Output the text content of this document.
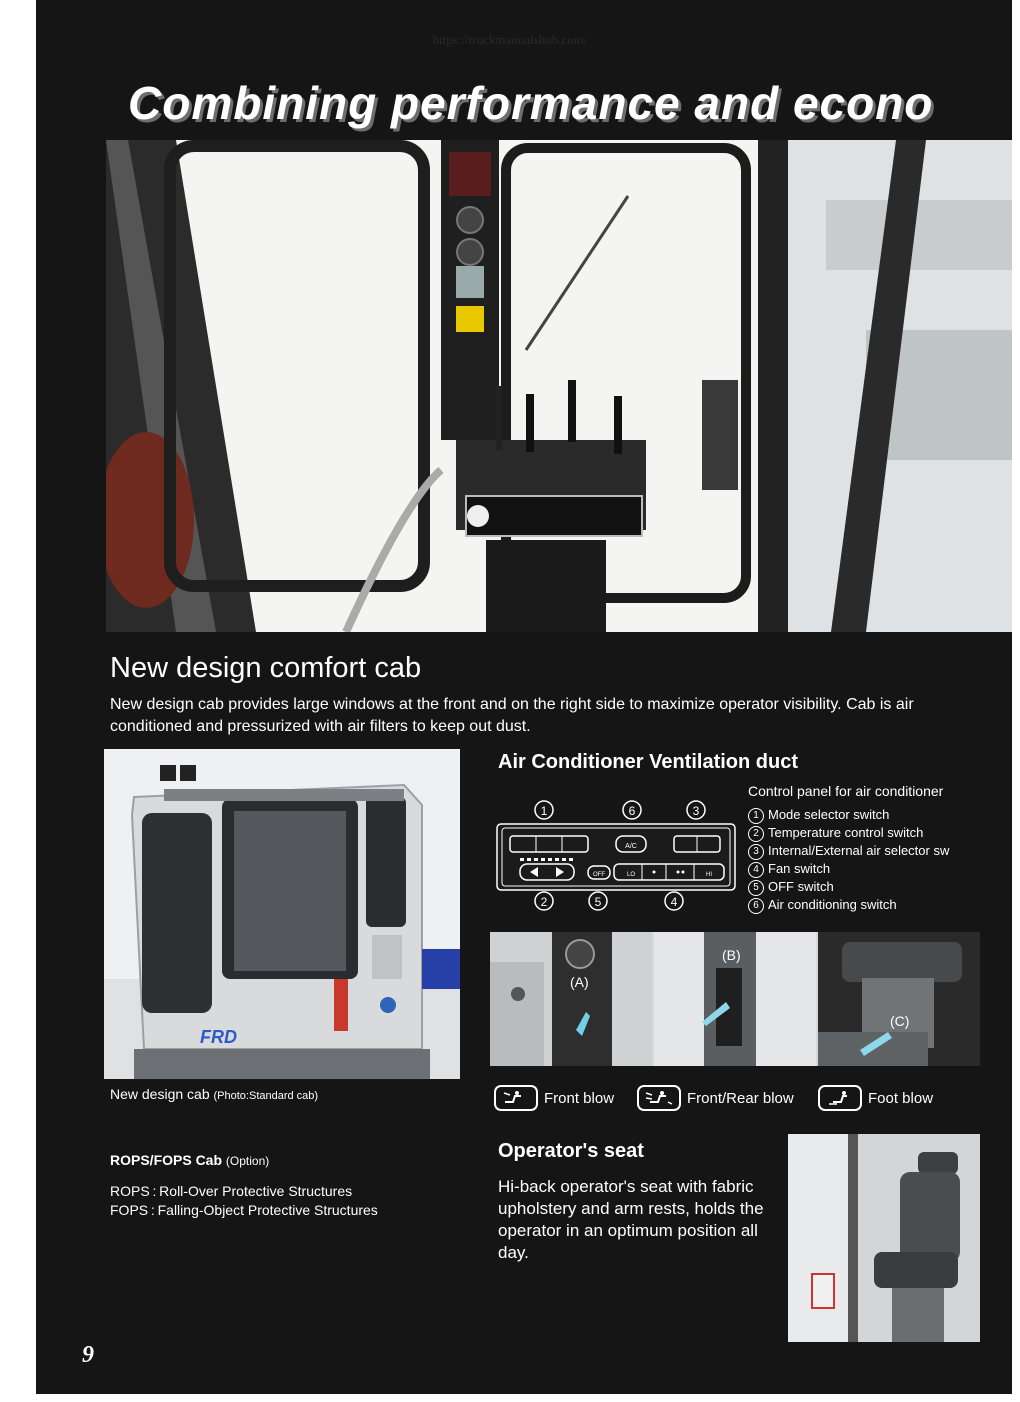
https://truckmanualshub.com/
Combining performance and econo
New design comfort cab
New design cab provides large windows at the front and on the right side to maximize operator visibility. Cab is air conditioned and pressurized with air filters to keep out dust.
FRD
New design cab (Photo:Standard cab)
ROPS/FOPS Cab (Option)
ROPS : Roll-Over Protective Structures
FOPS : Falling-Object Protective Structures
Air Conditioner Ventilation duct
1	6	3
A/C
OFF	LO	HI
2	5	4
Control panel for air conditioner
1 Mode selector switch
2 Temperature control switch
3 Internal/External air selector sw
4 Fan switch
5 OFF switch
6 Air conditioning switch
(A)
(B)
(C)
Front blow	Front/Rear blow	Foot blow
Operator's seat
Hi-back operator's seat with fabric upholstery and arm rests, holds the operator in an optimum position all day.
9
